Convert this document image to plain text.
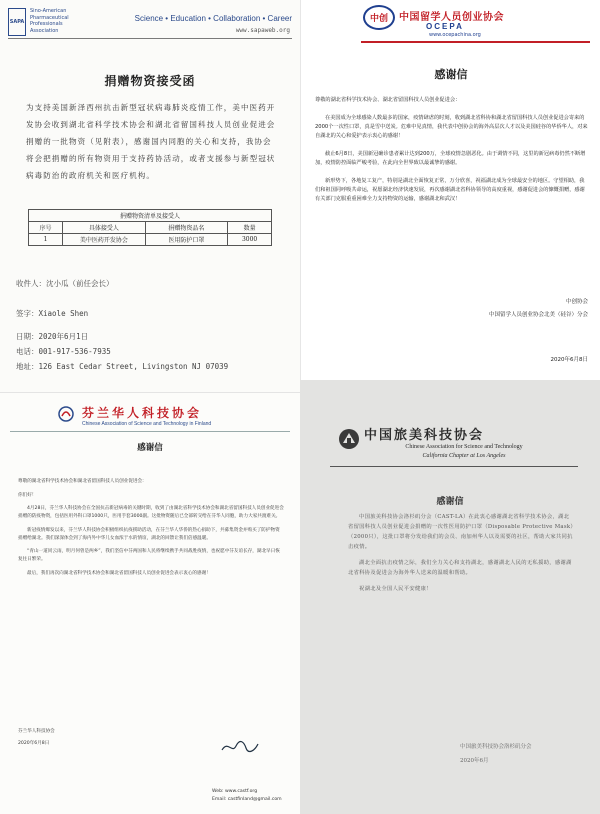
SAPA
Sino-American
Pharmaceutical
Professionals
Association
Science • Education • Collaboration • Career
www.sapaweb.org
捐赠物资接受函
为支持美国新泽西州抗击新型冠状病毒肺炎疫情工作，美中医药开发协会收到湖北省科学技术协会和湖北省留国科技人员创业促进会捐赠的一批物资（见附表），感谢国内同胞的关心和支持，我协会将会把捐赠的所有物资用于支持药协活动，或者支援参与新型冠状病毒防治的政府机关和医疗机构。
捐赠物资清单及接受人			
序号	具体接受人	捐赠物资品名	数量
1	美中医药开发协会	医用防护口罩	3000
收件人：沈小瓜（前任会长）
签字：Xiaole Shen
日期：2020年6月1日
电话：001-917-536-7935
地址：126 East Cedar Street, Livingston NJ 07039
中创	中国留学人员创业协会
OCEPA
www.ocepachina.org
感谢信

尊敬的湖北省科学技术协会、湖北省留国科技人员创业促进会：

在美国成为全球感染人数最多的国家，疫情肆虐的时刻，收到湖北省科协和湖北省留国科技人员创业促进会寄来的2000个一次性口罩，真是雪中送炭。危难中见真情，我代表中创协会的海外高层次人才以及美国硅谷的华侨华人，对来自湖北的关心和爱护表示衷心的感谢！

截止6月8日，美国新冠确诊患者累计达到200万，全球疫情急剧恶化。由于调情不同，这里的新冠病毒仍然不断增加，疫情防控面临严峻考验，在此向全世界致以最诚挚的感谢。

新形势下，各地复工复产，特别是湖北全面恢复正常，万分欣喜，祝福湖北成为全球最安全的地区。守望相助，我们和祖国同呼吸共命运，祝愿湖北经济快速发展，再次感谢湖北省科协领导的高度重视，感谢促进会的慷慨捐赠，感谢有关部门克服重重困难全力支持物资的运输，感谢湖北和武汉！

中创协会
中国留学人员创业协会北美（硅谷）分会
2020年6月8日
芬兰华人科技协会
Chinese Association of Science and Technology in Finland
感谢信

尊敬的湖北省科学技术协会和湖北省留国科技人员创业促进会：

你们好！

4月28日，芬兰华人科技协会在全国抗击新冠病毒的关键时期，收到了由湖北省科学技术协会和湖北省留国科技人员创业促进会捐赠的防疫物资，包括医用外科口罩1000只，医用手套3000副。这批物资随后已全部转交给在芬华人同胞，助力大家共渡难关。

新冠疫情爆发以来，芬兰华人科技协会积极组织抗疫援助活动，在芬兰华人华侨的热心捐助下，共募集资金并购买了防护物资捐赠给湖北。我们深深体会到了海内外中华儿女血浓于水的情谊，湖北的回馈让我们倍感温暖。

“青山一道同云雨，明月何曾是两乡”，我们坚信中芬两国和人民将继续携手共同战胜疫情，也祝愿中芬友谊长存，湖北早日恢复往日繁荣。

最后，我们再次向湖北省科学技术协会和湖北省留国科技人员创业促进会表示衷心的感谢！

芬兰华人科技协会
2020年6月8日
Web: www.castf.org
Email: castfinland@gmail.com
中国旅美科技协会
Chinese Association for Science and Technology
California Chapter at Los Angeles
感谢信

中国旅美科技协会洛杉矶分会（CAST-LA）在此衷心感谢湖北省科学技术协会，湖北省留国科技人员创业促进会捐赠的一次性医用防护口罩（Disposable Protective Mask）（2000只），这批口罩将分发给我们的会员、南加州华人以及需要的社区，帮助大家共同抗击疫情。

湖北全面抗击疫情之际，我们全力关心和支持湖北，感谢湖北人民的无私援助，感谢湖北省科协及促进会为海外华人送来的温暖和帮助。

祝湖北及全国人民平安健康！

中国旅美科技协会洛杉矶分会
2020年6月
